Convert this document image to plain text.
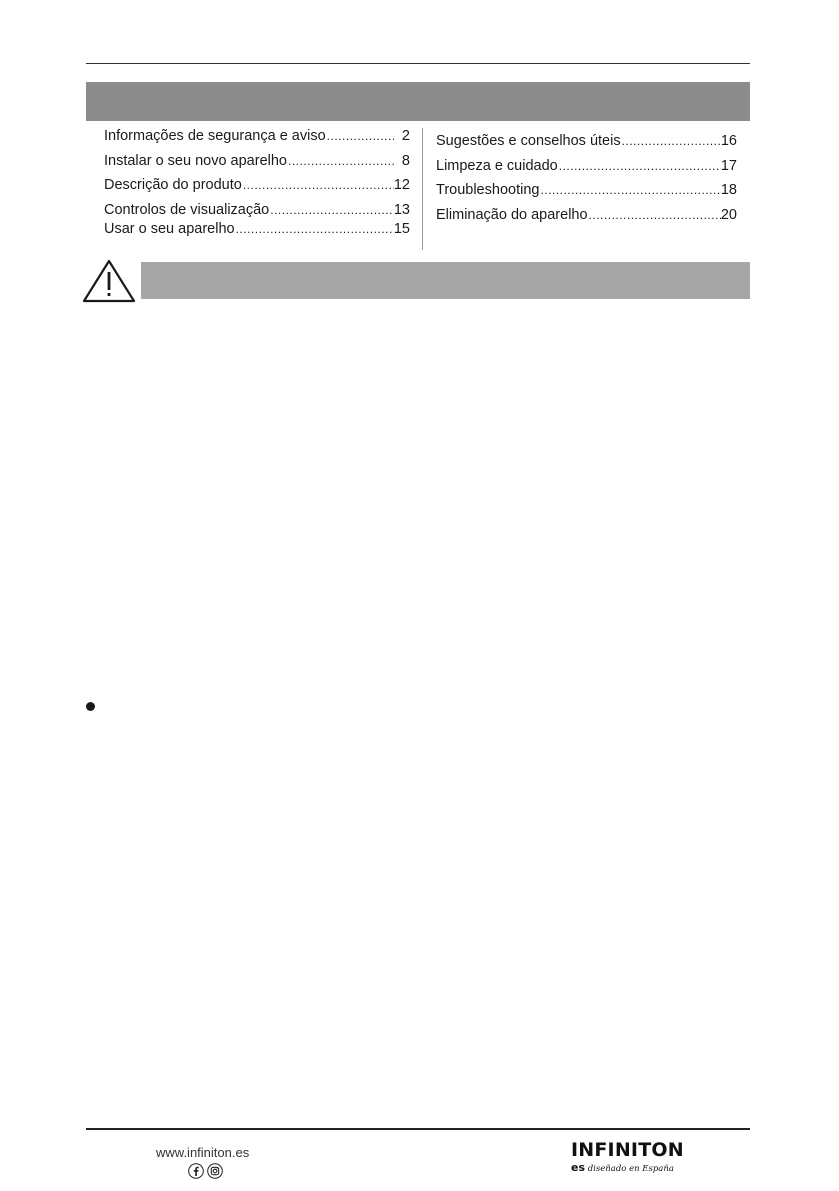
Informações de segurança e aviso .....	2
Instalar o seu novo aparelho .....	8
Descrição do produto .....	12
Controlos de visualização .....	13
Usar o seu aparelho .....	15
Sugestões e conselhos úteis .....	16
Limpeza e cuidado .....	17
Troubleshooting .....	18
Eliminação do aparelho .....	20
www.infiniton.es	INFINITON
es diseñado en España
